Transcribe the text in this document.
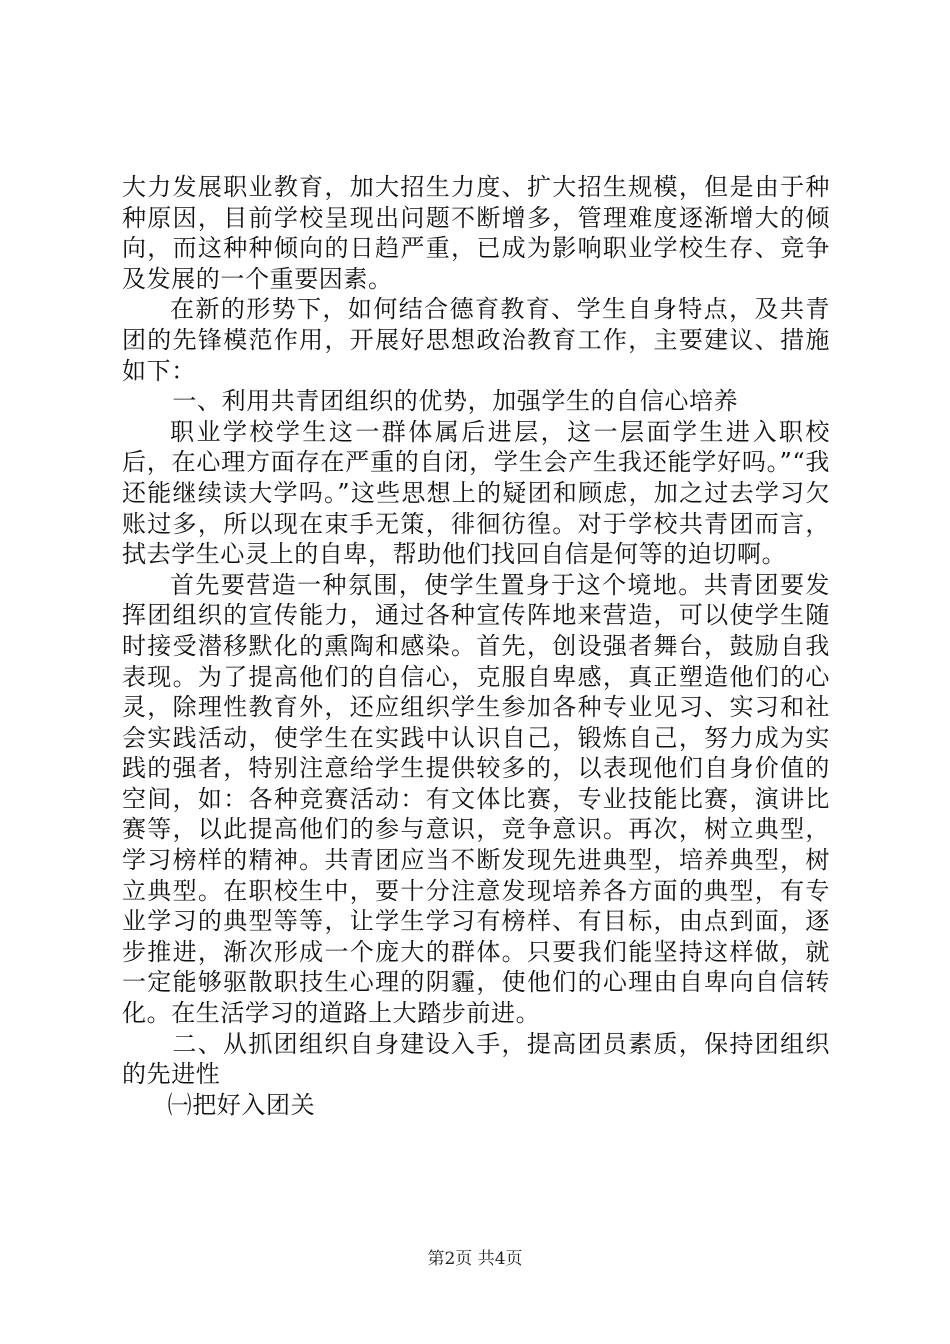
大力发展职业教育，加大招生力度、扩大招生规模，但是由于种种原因，目前学校呈现出问题不断增多，管理难度逐渐增大的倾向，而这种种倾向的日趋严重，已成为影响职业学校生存、竞争及发展的一个重要因素。

在新的形势下，如何结合德育教育、学生自身特点，及共青团的先锋模范作用，开展好思想政治教育工作，主要建议、措施如下：

一、利用共青团组织的优势，加强学生的自信心培养

职业学校学生这一群体属后进层，这一层面学生进入职校后，在心理方面存在严重的自闭，学生会产生我还能学好吗。”“我还能继续读大学吗。”这些思想上的疑团和顾虑，加之过去学习欠账过多，所以现在束手无策，徘徊彷徨。对于学校共青团而言，拭去学生心灵上的自卑，帮助他们找回自信是何等的迫切啊。

首先要营造一种氛围，使学生置身于这个境地。共青团要发挥团组织的宣传能力，通过各种宣传阵地来营造，可以使学生随时接受潜移默化的熏陶和感染。首先，创设强者舞台，鼓励自我表现。为了提高他们的自信心，克服自卑感，真正塑造他们的心灵，除理性教育外，还应组织学生参加各种专业见习、实习和社会实践活动，使学生在实践中认识自己，锻炼自己，努力成为实践的强者，特别注意给学生提供较多的，以表现他们自身价值的空间，如：各种竞赛活动：有文体比赛，专业技能比赛，演讲比赛等，以此提高他们的参与意识，竞争意识。再次，树立典型，学习榜样的精神。共青团应当不断发现先进典型，培养典型，树立典型。在职校生中，要十分注意发现培养各方面的典型，有专业学习的典型等等，让学生学习有榜样、有目标，由点到面，逐步推进，渐次形成一个庞大的群体。只要我们能坚持这样做，就一定能够驱散职技生心理的阴霾，使他们的心理由自卑向自信转化。在生活学习的道路上大踏步前进。

二、从抓团组织自身建设入手，提高团员素质，保持团组织的先进性

㈠把好入团关

第2页 共4页
